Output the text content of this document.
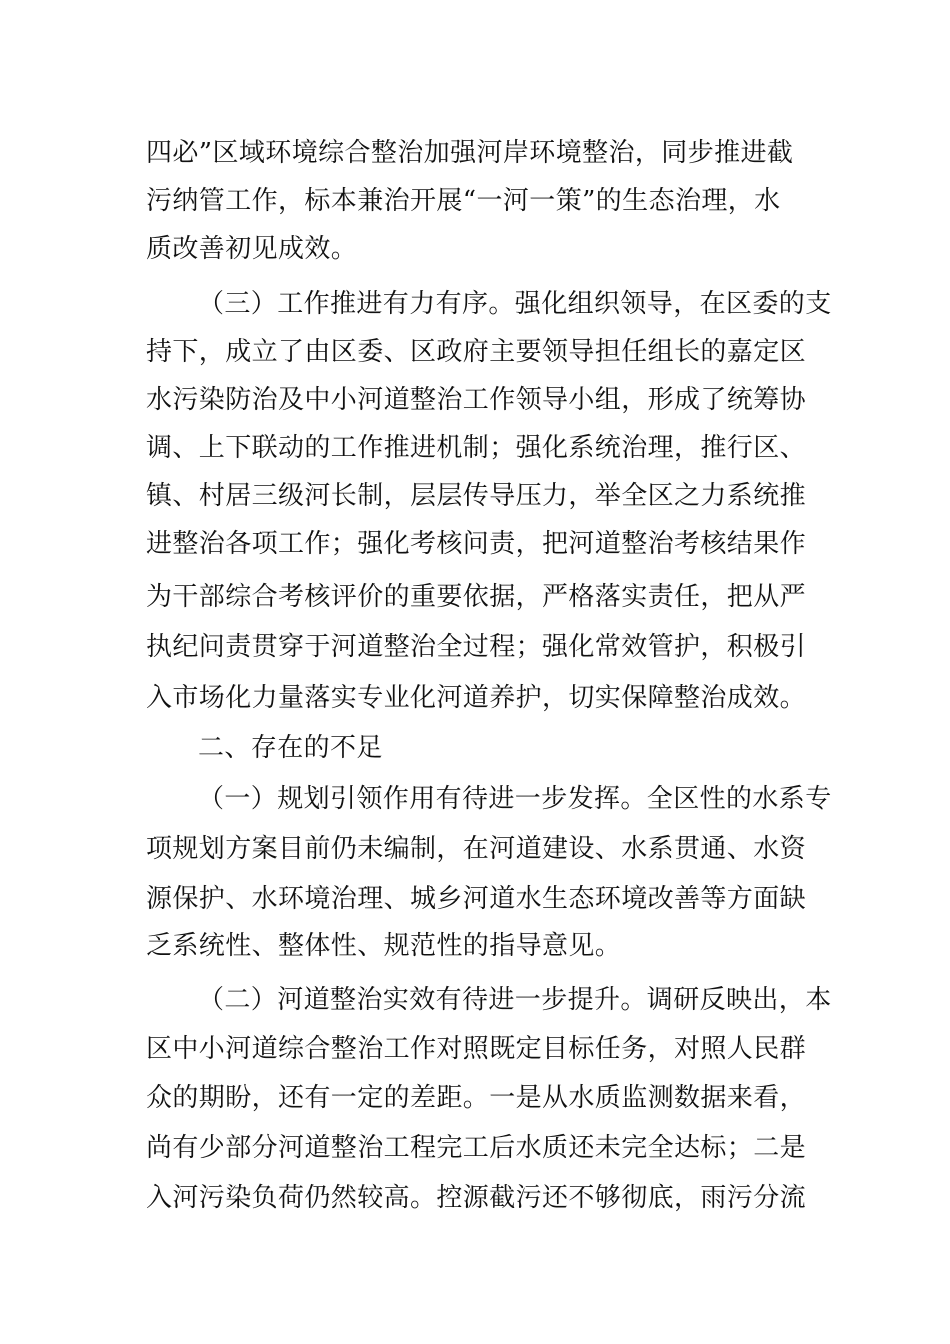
四必”区域环境综合整治加强河岸环境整治，同步推进截
污纳管工作，标本兼治开展“一河一策”的生态治理，水
质改善初见成效。
（三）工作推进有力有序。强化组织领导，在区委的支
持下，成立了由区委、区政府主要领导担任组长的嘉定区
水污染防治及中小河道整治工作领导小组，形成了统筹协
调、上下联动的工作推进机制；强化系统治理，推行区、
镇、村居三级河长制，层层传导压力，举全区之力系统推
进整治各项工作；强化考核问责，把河道整治考核结果作
为干部综合考核评价的重要依据，严格落实责任，把从严
执纪问责贯穿于河道整治全过程；强化常效管护，积极引
入市场化力量落实专业化河道养护，切实保障整治成效。
二、存在的不足
（一）规划引领作用有待进一步发挥。全区性的水系专
项规划方案目前仍未编制，在河道建设、水系贯通、水资
源保护、水环境治理、城乡河道水生态环境改善等方面缺
乏系统性、整体性、规范性的指导意见。
（二）河道整治实效有待进一步提升。调研反映出，本
区中小河道综合整治工作对照既定目标任务，对照人民群
众的期盼，还有一定的差距。一是从水质监测数据来看，
尚有少部分河道整治工程完工后水质还未完全达标；二是
入河污染负荷仍然较高。控源截污还不够彻底，雨污分流
